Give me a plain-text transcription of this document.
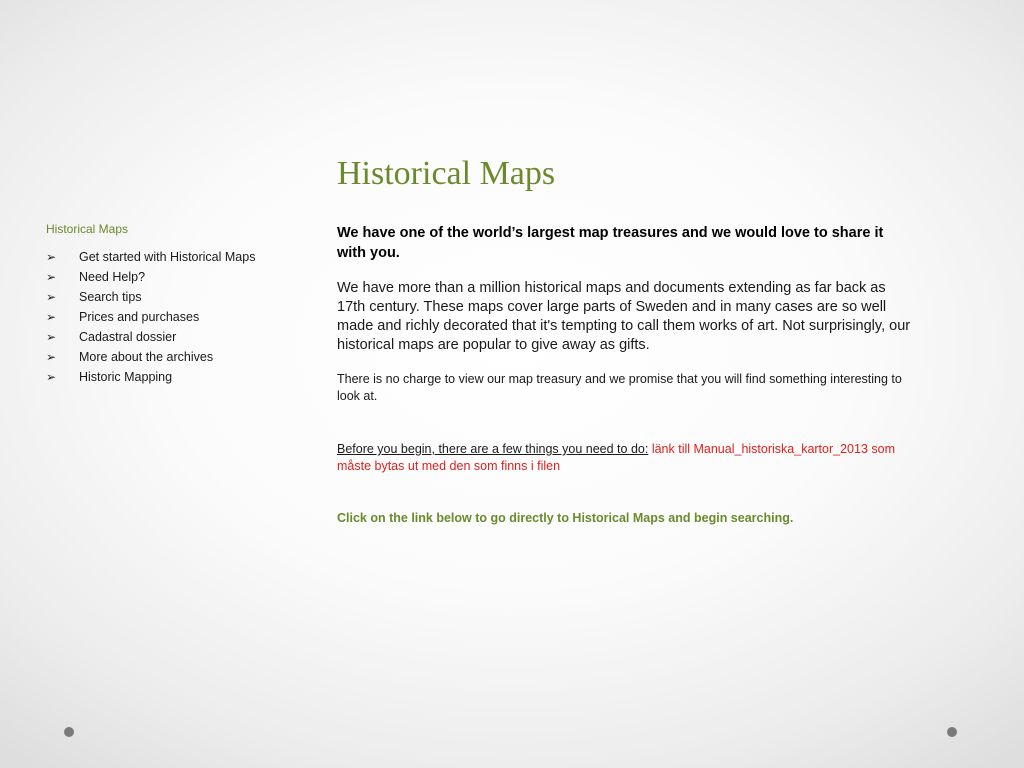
Historical Maps
Historical Maps
➢ Get started with Historical Maps
➢ Need Help?
➢ Search tips
➢ Prices and purchases
➢ Cadastral dossier
➢ More about the archives
➢ Historic Mapping

We have one of the world’s largest map treasures and we would love to share it with you.

We have more than a million historical maps and documents extending as far back as 17th century. These maps cover large parts of Sweden and in many cases are so well made and richly decorated that it's tempting to call them works of art. Not surprisingly, our historical maps are popular to give away as gifts.

There is no charge to view our map treasury and we promise that you will find something interesting to look at.

Before you begin, there are a few things you need to do: länk till Manual_historiska_kartor_2013 som måste bytas ut med den som finns i filen

Click on the link below to go directly to Historical Maps and begin searching.
